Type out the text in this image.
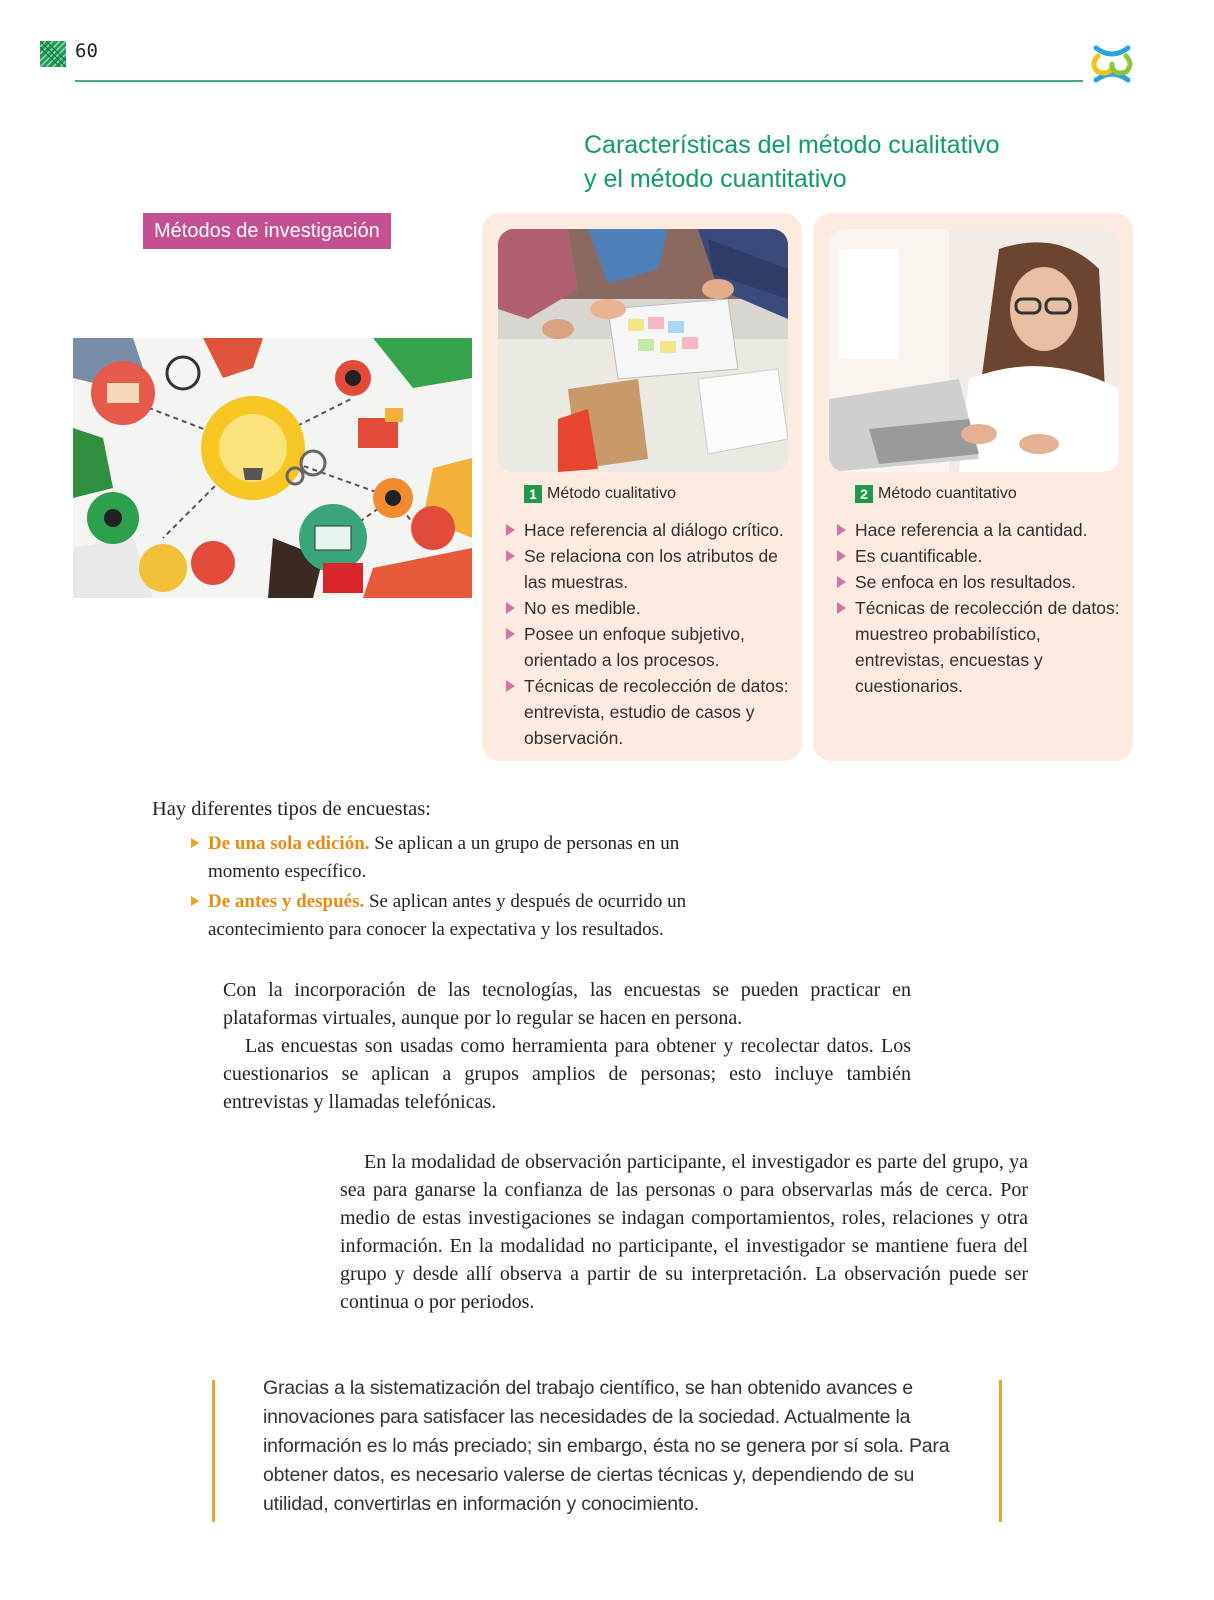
60
Características del método cualitativo
y el método cuantitativo
Métodos de investigación
1 Método cualitativo
Hace referencia al diálogo crítico.
Se relaciona con los atributos de las muestras.
No es medible.
Posee un enfoque subjetivo, orientado a los procesos.
Técnicas de recolección de datos: entrevista, estudio de casos y observación.
2 Método cuantitativo
Hace referencia a la cantidad.
Es cuantificable.
Se enfoca en los resultados.
Técnicas de recolección de datos: muestreo probabilístico, entrevistas, encuestas y cuestionarios.
Hay diferentes tipos de encuestas:
De una sola edición. Se aplican a un grupo de personas en un momento específico.
De antes y después. Se aplican antes y después de ocurrido un acontecimiento para conocer la expectativa y los resultados.

Con la incorporación de las tecnologías, las encuestas se pueden practicar en plataformas virtuales, aunque por lo regular se hacen en persona.

Las encuestas son usadas como herramienta para obtener y recolectar datos. Los cuestionarios se aplican a grupos amplios de personas; esto incluye también entrevistas y llamadas telefónicas.

En la modalidad de observación participante, el investigador es parte del grupo, ya sea para ganarse la confianza de las personas o para observarlas más de cerca. Por medio de estas investigaciones se indagan comportamientos, roles, relaciones y otra información. En la modalidad no participante, el investigador se mantiene fuera del grupo y desde allí observa a partir de su interpretación. La observación puede ser continua o por periodos.

Gracias a la sistematización del trabajo científico, se han obtenido avances e innovaciones para satisfacer las necesidades de la sociedad. Actualmente la información es lo más preciado; sin embargo, ésta no se genera por sí sola. Para obtener datos, es necesario valerse de ciertas técnicas y, dependiendo de su utilidad, convertirlas en información y conocimiento.
